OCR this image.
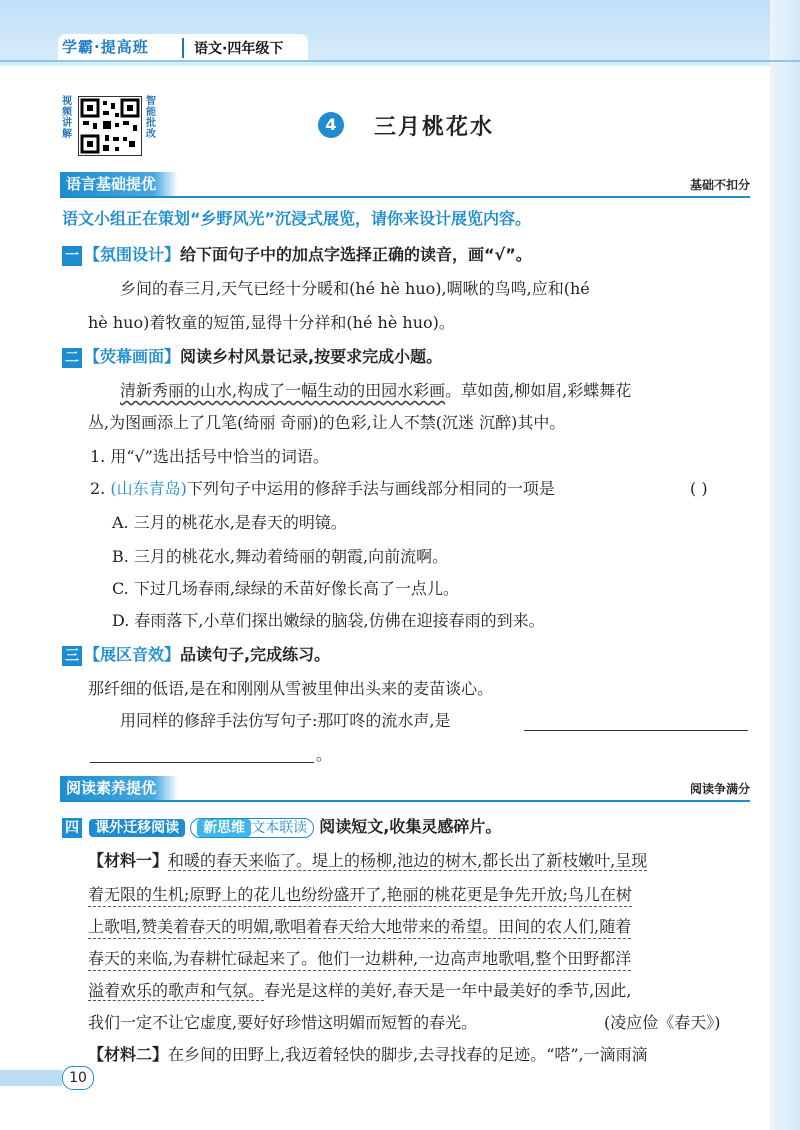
学霸·提高班	语文·四年级下
视频讲解
智能批改
4	三月桃花水
语言基础提优	基础不扣分
语文小组正在策划“乡野风光”沉浸式展览，请你来设计展览内容。
一 【氛围设计】给下面句子中的加点字选择正确的读音，画“√”。
乡间的春三月,天气已经十分暖和(hé hè huo),啁啾的鸟鸣,应和(hé
hè huo)着牧童的短笛,显得十分祥和(hé hè huo)。
二 【荧幕画面】阅读乡村风景记录,按要求完成小题。
清新秀丽的山水,构成了一幅生动的田园水彩画。草如茵,柳如眉,彩蝶舞花
丛,为图画添上了几笔(绮丽 奇丽)的色彩,让人不禁(沉迷 沉醉)其中。
1. 用“√”选出括号中恰当的词语。
2. (山东青岛)下列句子中运用的修辞手法与画线部分相同的一项是	( )
A. 三月的桃花水,是春天的明镜。
B. 三月的桃花水,舞动着绮丽的朝霞,向前流啊。
C. 下过几场春雨,绿绿的禾苗好像长高了一点儿。
D. 春雨落下,小草们探出嫩绿的脑袋,仿佛在迎接春雨的到来。
三 【展区音效】品读句子,完成练习。
那纤细的低语,是在和刚刚从雪被里伸出头来的麦苗谈心。
用同样的修辞手法仿写句子:那叮咚的流水声,是
。
阅读素养提优	阅读争满分
四 课外迁移阅读 新思维 文本联读 阅读短文,收集灵感碎片。
【材料一】和暖的春天来临了。堤上的杨柳,池边的树木,都长出了新枝嫩叶,呈现
着无限的生机;原野上的花儿也纷纷盛开了,艳丽的桃花更是争先开放;鸟儿在树
上歌唱,赞美着春天的明媚,歌唱着春天给大地带来的希望。田间的农人们,随着
春天的来临,为春耕忙碌起来了。他们一边耕种,一边高声地歌唱,整个田野都洋
溢着欢乐的歌声和气氛。春光是这样的美好,春天是一年中最美好的季节,因此,
我们一定不让它虚度,要好好珍惜这明媚而短暂的春光。	(凌应俭《春天》)
【材料二】在乡间的田野上,我迈着轻快的脚步,去寻找春的足迹。“嗒”,一滴雨滴
10
